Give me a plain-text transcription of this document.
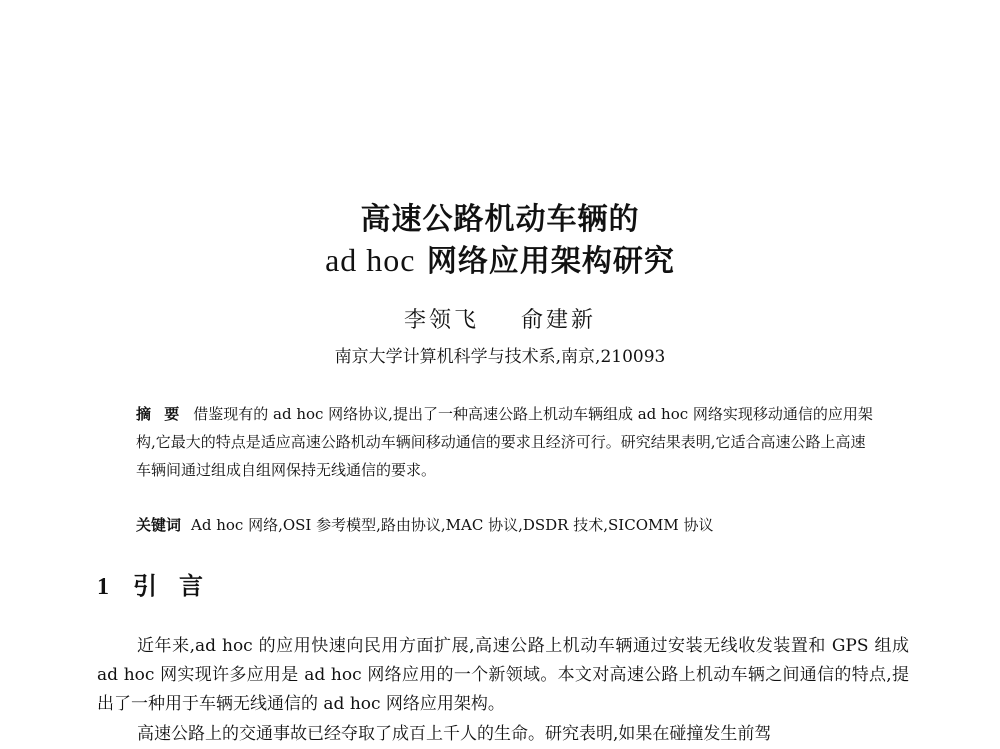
高速公路机动车辆的
ad hoc 网络应用架构研究
李领飞 俞建新
南京大学计算机科学与技术系,南京,210093

摘 要 借鉴现有的 ad hoc 网络协议,提出了一种高速公路上机动车辆组成 ad hoc 网络实现移动通信的应用架构,它最大的特点是适应高速公路机动车辆间移动通信的要求且经济可行。研究结果表明,它适合高速公路上高速车辆间通过组成自组网保持无线通信的要求。

关键词 Ad hoc 网络,OSI 参考模型,路由协议,MAC 协议,DSDR 技术,SICOMM 协议

1 引言

近年来,ad hoc 的应用快速向民用方面扩展,高速公路上机动车辆通过安装无线收发装置和 GPS 组成 ad hoc 网实现许多应用是 ad hoc 网络应用的一个新领域。本文对高速公路上机动车辆之间通信的特点,提出了一种用于车辆无线通信的 ad hoc 网络应用架构。

高速公路上的交通事故已经夺取了成百上千人的生命。研究表明,如果在碰撞发生前驾
